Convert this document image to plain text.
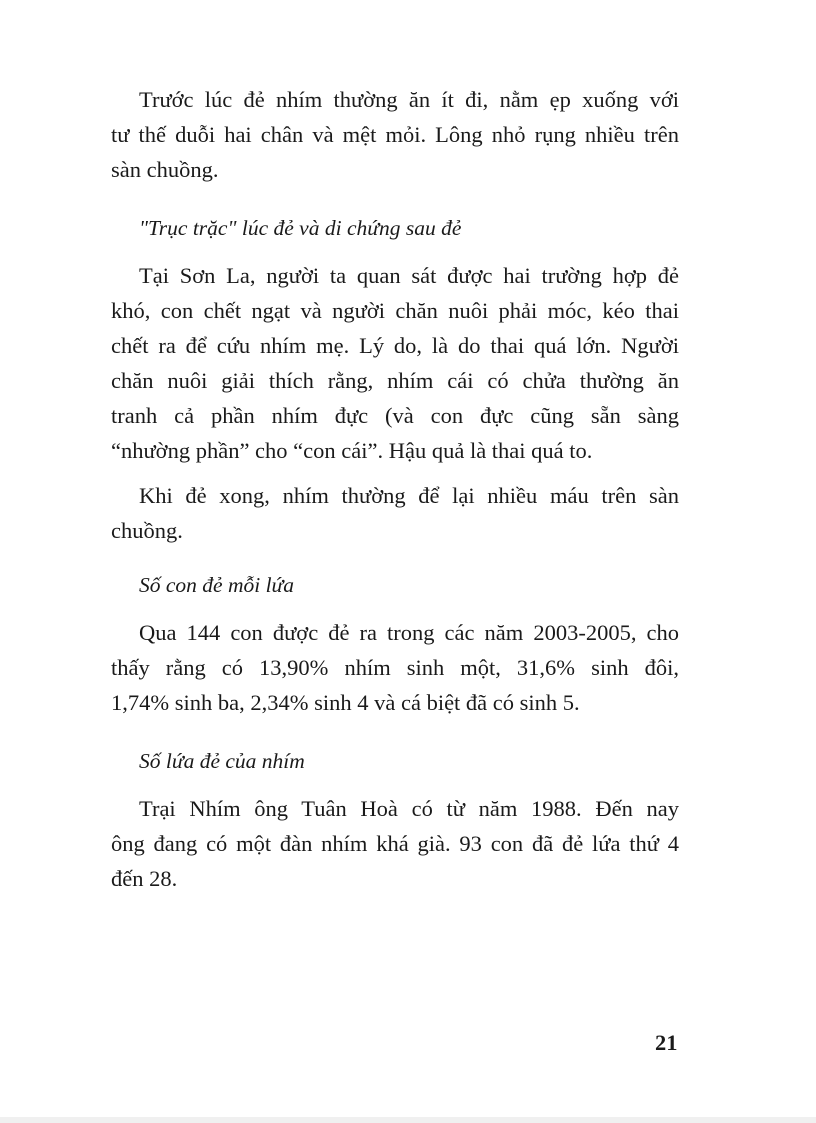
Trước lúc đẻ nhím thường ăn ít đi, nằm ẹp xuống với
tư thế duỗi hai chân và mệt mỏi. Lông nhỏ rụng nhiều trên
sàn chuồng.

"Trục trặc" lúc đẻ và di chứng sau đẻ

Tại Sơn La, người ta quan sát được hai trường hợp đẻ
khó, con chết ngạt và người chăn nuôi phải móc, kéo thai
chết ra để cứu nhím mẹ. Lý do, là do thai quá lớn. Người
chăn nuôi giải thích rằng, nhím cái có chửa thường ăn
tranh cả phần nhím đực (và con đực cũng sẵn sàng
“nhường phần” cho “con cái”. Hậu quả là thai quá to.

Khi đẻ xong, nhím thường để lại nhiều máu trên sàn
chuồng.

Số con đẻ mỗi lứa

Qua 144 con được đẻ ra trong các năm 2003-2005, cho
thấy rằng có 13,90% nhím sinh một, 31,6% sinh đôi,
1,74% sinh ba, 2,34% sinh 4 và cá biệt đã có sinh 5.

Số lứa đẻ của nhím

Trại Nhím ông Tuân Hoà có từ năm 1988. Đến nay
ông đang có một đàn nhím khá già. 93 con đã đẻ lứa thứ 4
đến 28.

21
